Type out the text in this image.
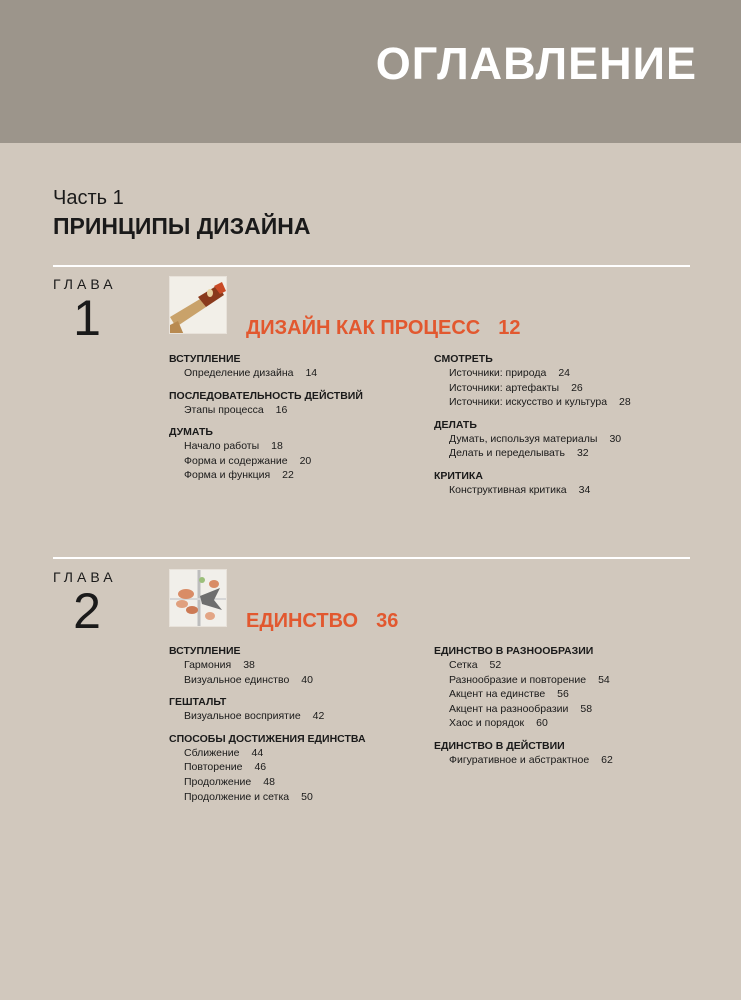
ОГЛАВЛЕНИЕ

Часть 1

ПРИНЦИПЫ ДИЗАЙНА

ГЛАВА
1	ДИЗАЙН КАК ПРОЦЕСС 12
ВСТУПЛЕНИЕ
Определение дизайна 14
ПОСЛЕДОВАТЕЛЬНОСТЬ ДЕЙСТВИЙ
Этапы процесса 16
ДУМАТЬ
Начало работы 18
Форма и содержание 20
Форма и функция 22
СМОТРЕТЬ
Источники: природа 24
Источники: артефакты 26
Источники: искусство и культура 28
ДЕЛАТЬ
Думать, используя материалы 30
Делать и переделывать 32
КРИТИКА
Конструктивная критика 34
ГЛАВА
2	ЕДИНСТВО 36
ВСТУПЛЕНИЕ
Гармония 38
Визуальное единство 40
ГЕШТАЛЬТ
Визуальное восприятие 42
СПОСОБЫ ДОСТИЖЕНИЯ ЕДИНСТВА
Сближение 44
Повторение 46
Продолжение 48
Продолжение и сетка 50
ЕДИНСТВО В РАЗНООБРАЗИИ
Сетка 52
Разнообразие и повторение 54
Акцент на единстве 56
Акцент на разнообразии 58
Хаос и порядок 60
ЕДИНСТВО В ДЕЙСТВИИ
Фигуративное и абстрактное 62
